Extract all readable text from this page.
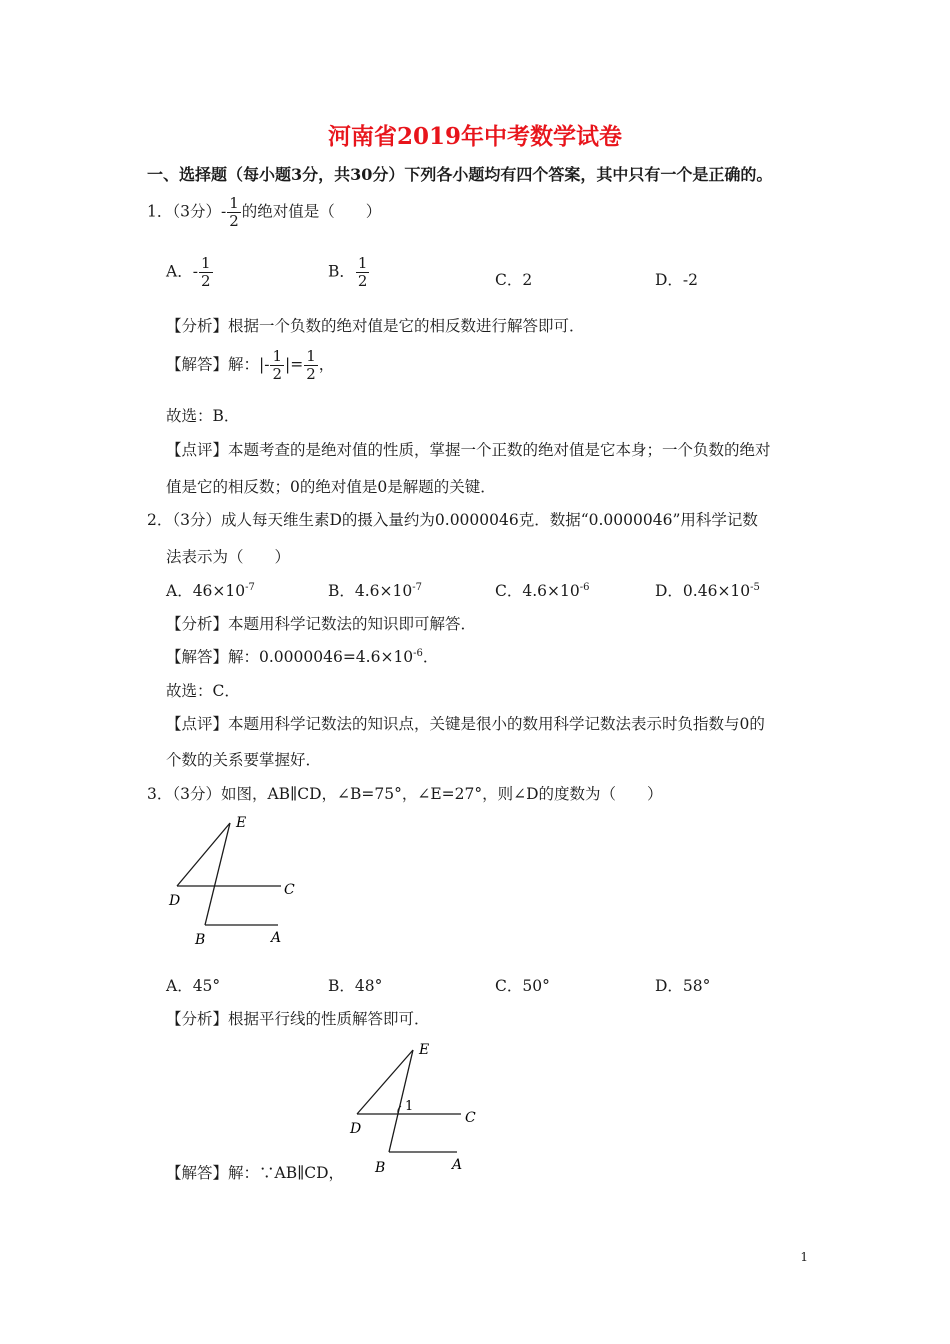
河南省2019年中考数学试卷
一、选择题（每小题3分，共30分）下列各小题均有四个答案，其中只有一个是正确的。
1．（3分）- $\frac{1}{2}$ 的绝对值是（　　）
A．- $\frac{1}{2}$	B． $\frac{1}{2}$	C．2	D．-2
【分析】根据一个负数的绝对值是它的相反数进行解答即可．
【解答】解：|- $\frac{1}{2}$ |= $\frac{1}{2}$ ，
故选：B．
【点评】本题考查的是绝对值的性质，掌握一个正数的绝对值是它本身；一个负数的绝对
值是它的相反数；0的绝对值是0是解题的关键．
2．（3分）成人每天维生素D的摄入量约为0.0000046克．数据“0.0000046”用科学记数
法表示为（　　）
A．$46\times 10^{-7}$	B．$4.6\times 10^{-7}$	C．$4.6\times 10^{-6}$	D．$0.46\times 10^{-5}$
【分析】本题用科学记数法的知识即可解答．
【解答】解：$0.0000046=4.6\times 10^{-6}$．
故选：C．
【点评】本题用科学记数法的知识点，关键是很小的数用科学记数法表示时负指数与0的
个数的关系要掌握好．
3．（3分）如图，AB∥CD，∠B=75°，∠E=27°，则∠D的度数为（　　）
E
C
D
B	A
A．45°	B．48°	C．50°	D．58°
【分析】根据平行线的性质解答即可．
E
1
C
D
B	A
【解答】解：∵AB∥CD，
1
